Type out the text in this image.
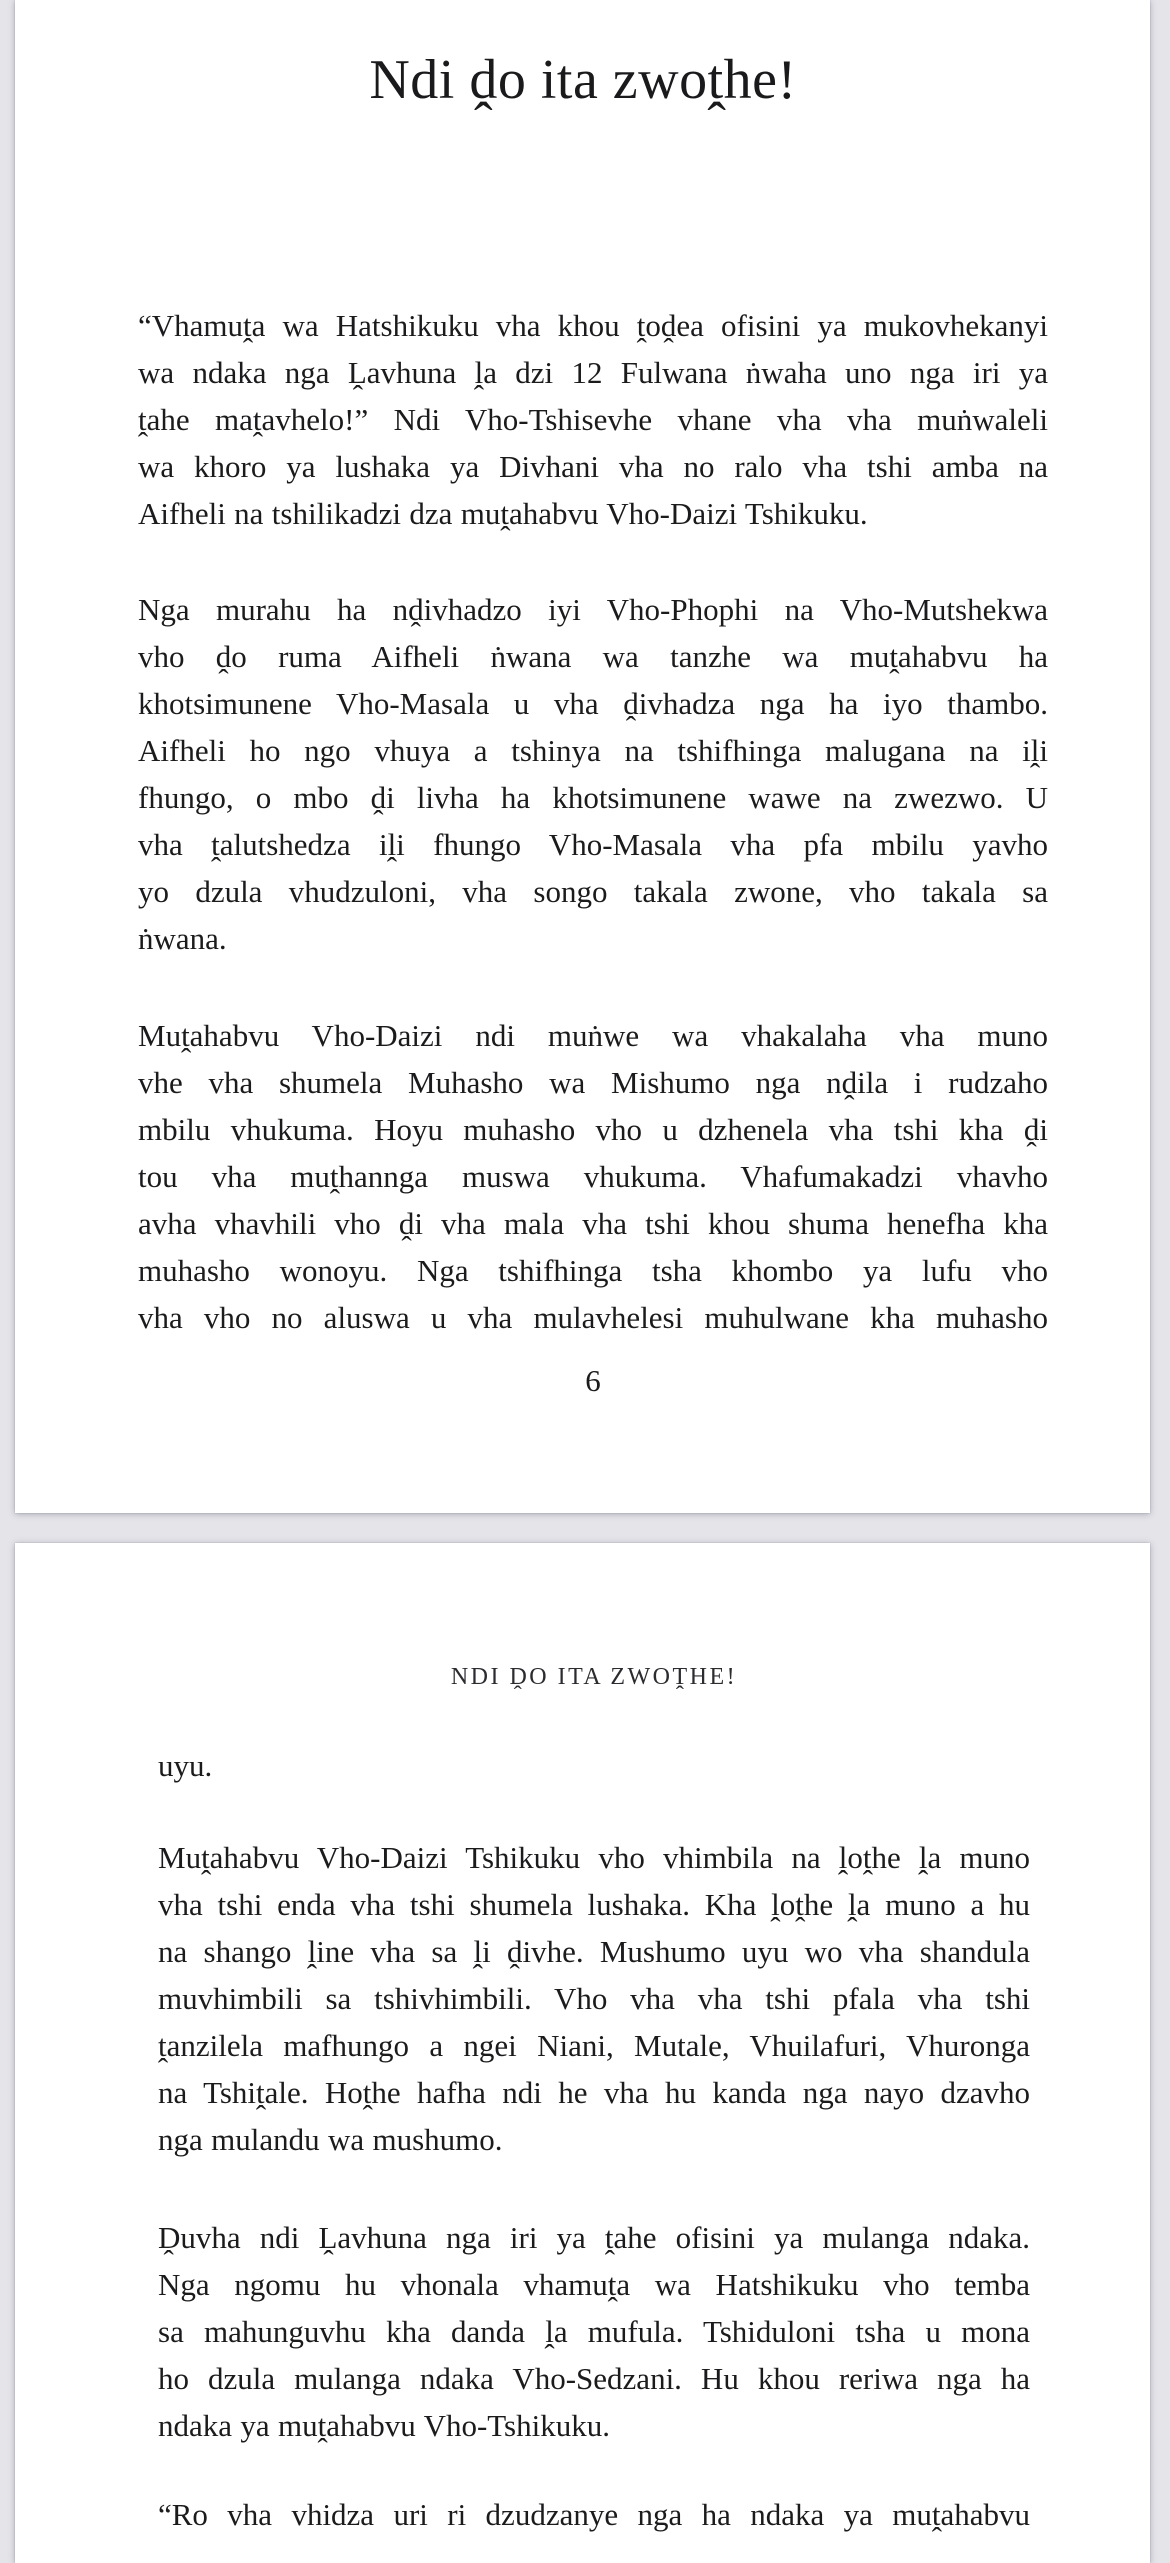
Ndi ḓo ita zwoṱhe!
“Vhamuṱa wa Hatshikuku vha khou ṱoḓea ofisini ya mukovhekanyi
wa ndaka nga Ḽavhuna ḽa dzi 12 Fulwana ṅwaha uno nga iri ya
ṱahe maṱavhelo!” Ndi Vho-Tshisevhe vhane vha vha muṅwaleli
wa khoro ya lushaka ya Divhani vha no ralo vha tshi amba na
Aifheli na tshilikadzi dza muṱahabvu Vho-Daizi Tshikuku.
Nga murahu ha nḓivhadzo iyi Vho-Phophi na Vho-Mutshekwa
vho ḓo ruma Aifheli ṅwana wa tanzhe wa muṱahabvu ha
khotsimunene Vho-Masala u vha ḓivhadza nga ha iyo thambo.
Aifheli ho ngo vhuya a tshinya na tshifhinga malugana na iḽi
fhungo, o mbo ḓi livha ha khotsimunene wawe na zwezwo. U
vha ṱalutshedza iḽi fhungo Vho-Masala vha pfa mbilu yavho
yo dzula vhudzuloni, vha songo takala zwone, vho takala sa
ṅwana.
Muṱahabvu Vho-Daizi ndi muṅwe wa vhakalaha vha muno
vhe vha shumela Muhasho wa Mishumo nga nḓila i rudzaho
mbilu vhukuma. Hoyu muhasho vho u dzhenela vha tshi kha ḓi
tou vha muṱhannga muswa vhukuma. Vhafumakadzi vhavho
avha vhavhili vho ḓi vha mala vha tshi khou shuma henefha kha
muhasho wonoyu. Nga tshifhinga tsha khombo ya lufu vho
vha vho no aluswa u vha mulavhelesi muhulwane kha muhasho
6
NDI ḒO ITA ZWOṰHE!
uyu.
Muṱahabvu Vho-Daizi Tshikuku vho vhimbila na ḽoṱhe ḽa muno
vha tshi enda vha tshi shumela lushaka. Kha ḽoṱhe ḽa muno a hu
na shango ḽine vha sa ḽi ḓivhe. Mushumo uyu wo vha shandula
muvhimbili sa tshivhimbili. Vho vha vha tshi pfala vha tshi
ṱanzilela mafhungo a ngei Niani, Mutale, Vhuilafuri, Vhuronga
na Tshiṱale. Hoṱhe hafha ndi he vha hu kanda nga nayo dzavho
nga mulandu wa mushumo.
Ḓuvha ndi Ḽavhuna nga iri ya ṱahe ofisini ya mulanga ndaka.
Nga ngomu hu vhonala vhamuṱa wa Hatshikuku vho temba
sa mahunguvhu kha danda ḽa mufula. Tshiduloni tsha u mona
ho dzula mulanga ndaka Vho-Sedzani. Hu khou reriwa nga ha
ndaka ya muṱahabvu Vho-Tshikuku.
“Ro vha vhidza uri ri dzudzanye nga ha ndaka ya muṱahabvu
